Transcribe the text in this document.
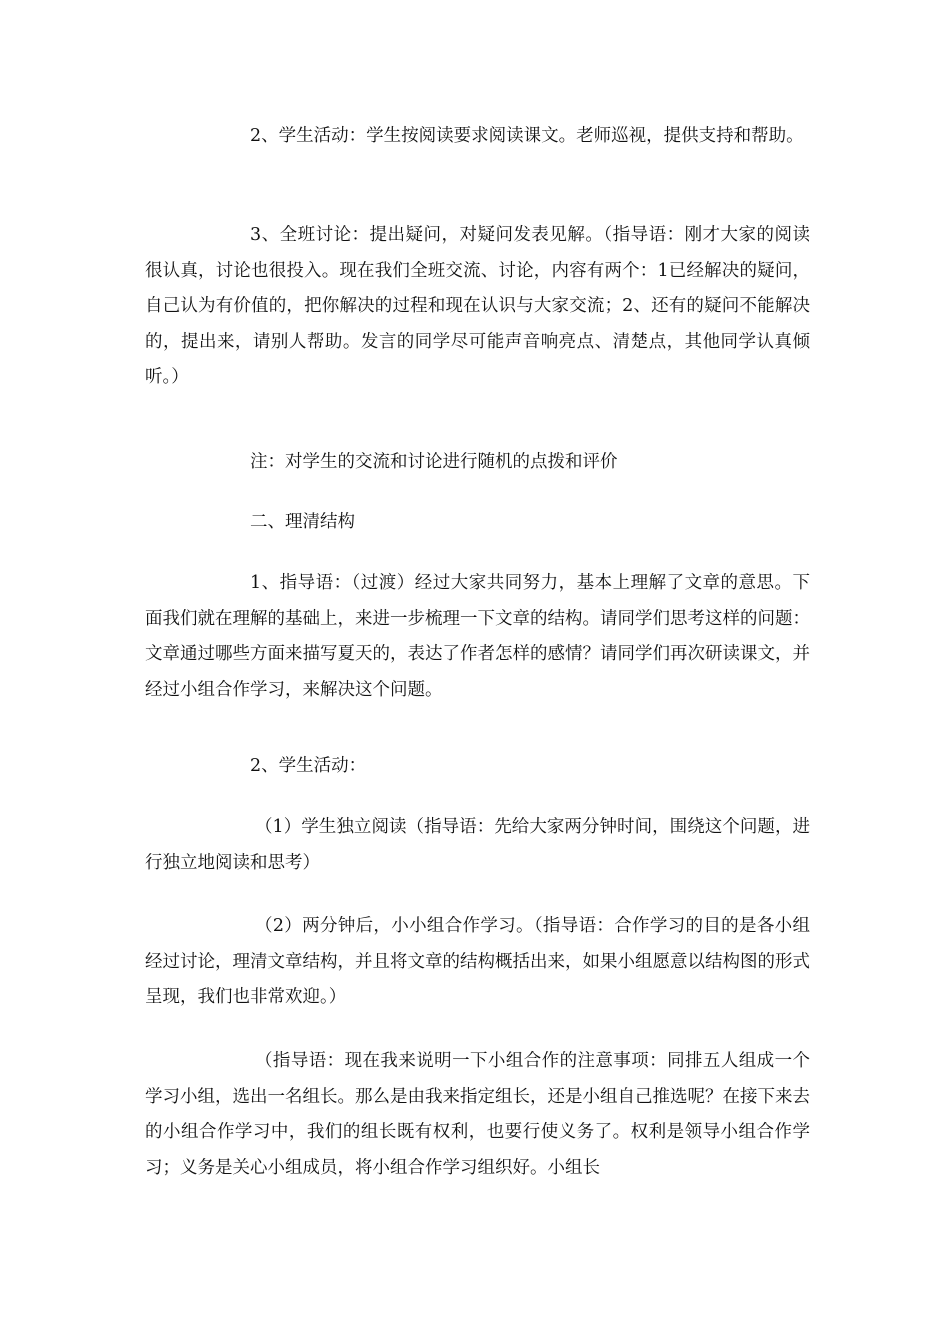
2、学生活动：学生按阅读要求阅读课文。老师巡视，提供支持和帮助。

3、全班讨论：提出疑问，对疑问发表见解。（指导语：刚才大家的阅读很认真，讨论也很投入。现在我们全班交流、讨论，内容有两个：1已经解决的疑问，自己认为有价值的，把你解决的过程和现在认识与大家交流；2、还有的疑问不能解决的，提出来，请别人帮助。发言的同学尽可能声音响亮点、清楚点，其他同学认真倾听。）

注：对学生的交流和讨论进行随机的点拨和评价

二、理清结构

1、指导语：（过渡）经过大家共同努力，基本上理解了文章的意思。下面我们就在理解的基础上，来进一步梳理一下文章的结构。请同学们思考这样的问题：文章通过哪些方面来描写夏天的，表达了作者怎样的感情？请同学们再次研读课文，并经过小组合作学习，来解决这个问题。

2、学生活动：

（1）学生独立阅读（指导语：先给大家两分钟时间，围绕这个问题，进行独立地阅读和思考）

（2）两分钟后，小小组合作学习。（指导语：合作学习的目的是各小组经过讨论，理清文章结构，并且将文章的结构概括出来，如果小组愿意以结构图的形式呈现，我们也非常欢迎。）

（指导语：现在我来说明一下小组合作的注意事项：同排五人组成一个学习小组，选出一名组长。那么是由我来指定组长，还是小组自己推选呢？在接下来去的小组合作学习中，我们的组长既有权利，也要行使义务了。权利是领导小组合作学习；义务是关心小组成员，将小组合作学习组织好。小组长
